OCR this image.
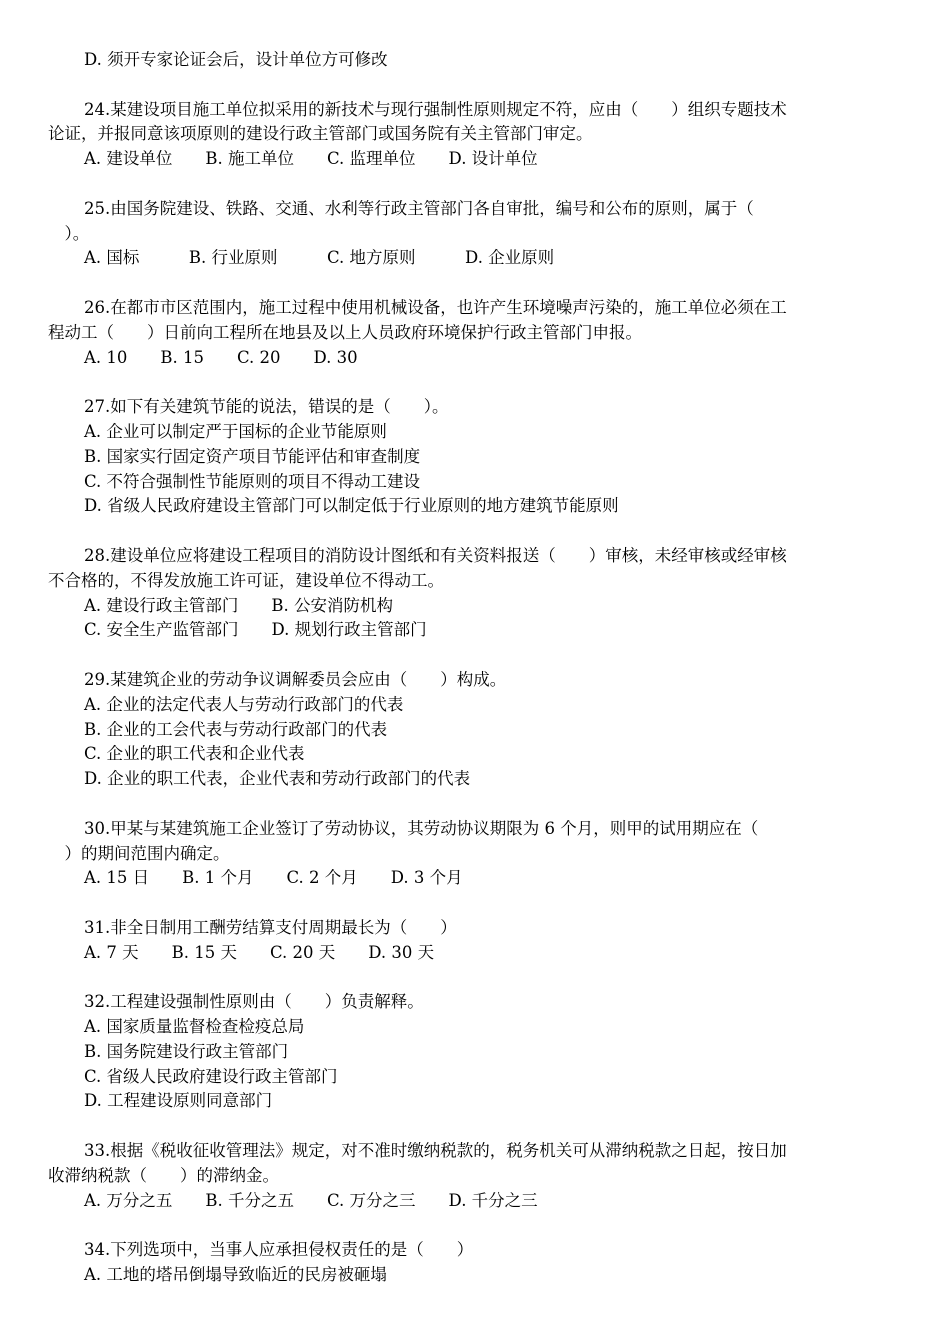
D. 须开专家论证会后，设计单位方可修改
24.某建设项目施工单位拟采用的新技术与现行强制性原则规定不符，应由（　　）组织专题技术
论证，并报同意该项原则的建设行政主管部门或国务院有关主管部门审定。
A. 建设单位　　B. 施工单位　　C. 监理单位　　D. 设计单位
25.由国务院建设、铁路、交通、水利等行政主管部门各自审批，编号和公布的原则，属于（
　）。
A. 国标　　　B. 行业原则　　　C. 地方原则　　　D. 企业原则
26.在都市市区范围内，施工过程中使用机械设备，也许产生环境噪声污染的，施工单位必须在工
程动工（　　）日前向工程所在地县及以上人员政府环境保护行政主管部门申报。
A. 10　　B. 15　　C. 20　　D. 30
27.如下有关建筑节能的说法，错误的是（　　）。
A. 企业可以制定严于国标的企业节能原则
B. 国家实行固定资产项目节能评估和审查制度
C. 不符合强制性节能原则的项目不得动工建设
D. 省级人民政府建设主管部门可以制定低于行业原则的地方建筑节能原则
28.建设单位应将建设工程项目的消防设计图纸和有关资料报送（　　）审核，未经审核或经审核
不合格的，不得发放施工许可证，建设单位不得动工。
A. 建设行政主管部门　　B. 公安消防机构
C. 安全生产监管部门　　D. 规划行政主管部门
29.某建筑企业的劳动争议调解委员会应由（　　）构成。
A. 企业的法定代表人与劳动行政部门的代表
B. 企业的工会代表与劳动行政部门的代表
C. 企业的职工代表和企业代表
D. 企业的职工代表，企业代表和劳动行政部门的代表
30.甲某与某建筑施工企业签订了劳动协议，其劳动协议期限为 6 个月，则甲的试用期应在（
　）的期间范围内确定。
A. 15 日　　B. 1 个月　　C. 2 个月　　D. 3 个月
31.非全日制用工酬劳结算支付周期最长为（　　）
A. 7 天　　B. 15 天　　C. 20 天　　D. 30 天
32.工程建设强制性原则由（　　）负责解释。
A. 国家质量监督检查检疫总局
B. 国务院建设行政主管部门
C. 省级人民政府建设行政主管部门
D. 工程建设原则同意部门
33.根据《税收征收管理法》规定，对不准时缴纳税款的，税务机关可从滞纳税款之日起，按日加
收滞纳税款（　　）的滞纳金。
A. 万分之五　　B. 千分之五　　C. 万分之三　　D. 千分之三
34.下列选项中，当事人应承担侵权责任的是（　　）
A. 工地的塔吊倒塌导致临近的民房被砸塌
